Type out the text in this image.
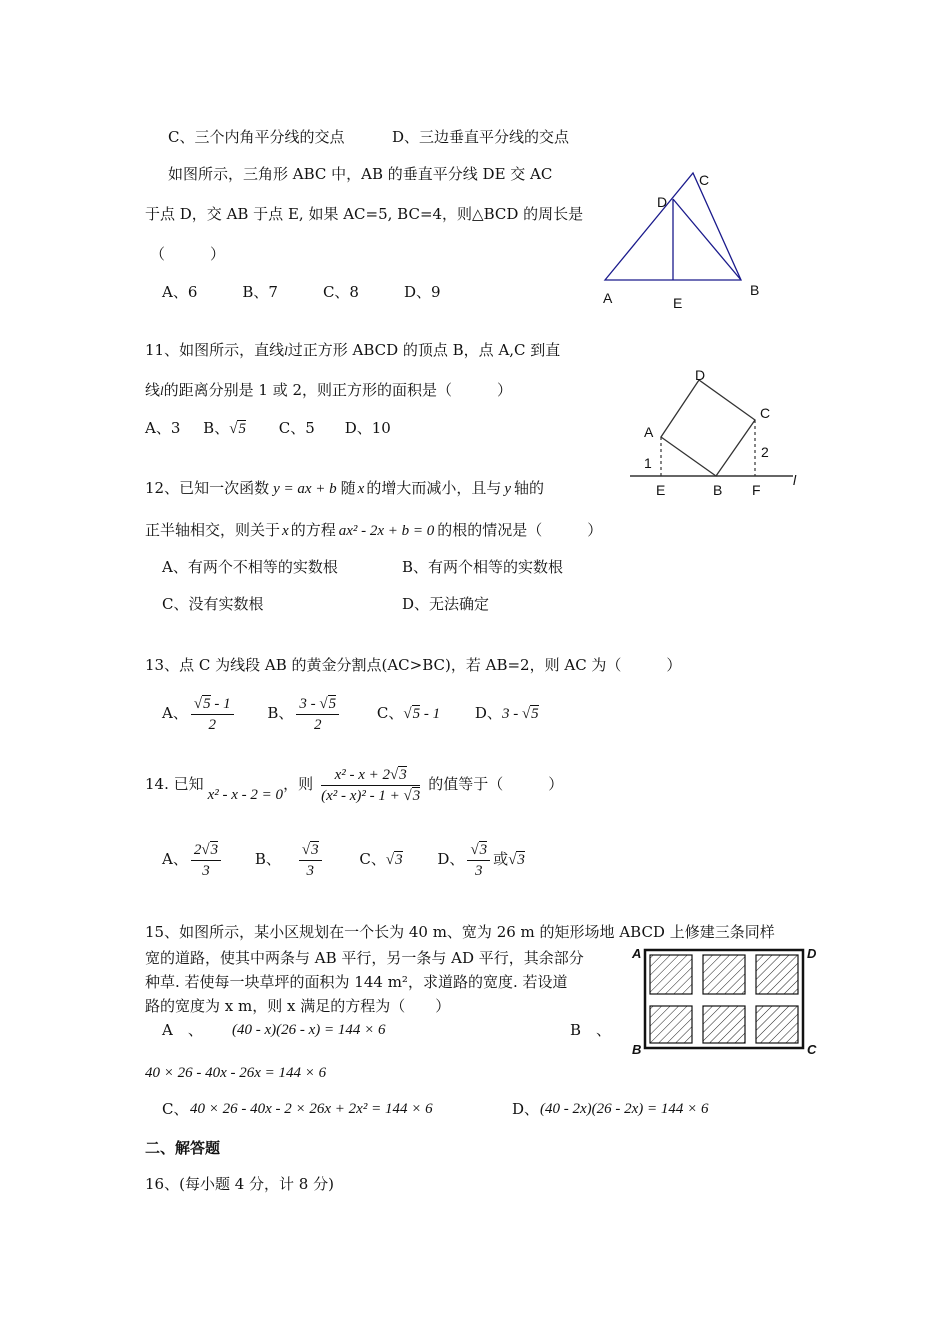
C、三个内角平分线的交点	D、三边垂直平分线的交点
如图所示，三角形 ABC 中，AB 的垂直平分线 DE 交 AC
于点 D，交 AB 于点 E, 如果 AC=5, BC=4，则△BCD 的周长是
（　　　）
A、6　　　B、7　　　C、8　　　D、9	A	B
C
D
E
11、如图所示，直线l过正方形 ABCD 的顶点 B，点 A,C 到直
线l的距离分别是 1 或 2，则正方形的面积是（　　　）
A、3 B、√5 C、5　　D、10	A
B
C
D
E	F
1
2
l
12、已知一次函数 y = ax + b 随 x 的增大而减小，且与 y 轴的
正半轴相交，则关于 x 的方程 ax² - 2x + b = 0 的根的情况是（　　　）
A、有两个不相等的实数根	B、有两个相等的实数根
C、没有实数根	D、无法确定
13、点 C 为线段 AB 的黄金分割点(AC>BC)，若 AB=2，则 AC 为（　　　）
A、 $\frac{√5 - 1}{2}$ B、 $\frac{3 - √5}{2}$	C、√5 - 1 D、3 - √5
14. 已知x² - x - 2 = 0，则 $\frac{\text{x² - x + 2√3}}{\text{(x² - x)² - 1 + √3}}$ 的值等于（　　　）
A、 $\frac{2√3}{3}$ B、 $\frac{√3}{3}$	C、√3 D、 $\frac{√3}{3}$ 或√3
15、如图所示，某小区规划在一个长为 40 m、宽为 26 m 的矩形场地 ABCD 上修建三条同样
宽的道路，使其中两条与 AB 平行，另一条与 AD 平行，其余部分
种草. 若使每一块草坪的面积为 144 m²，求道路的宽度. 若设道
路的宽度为 x m，则 x 满足的方程为（　　）
A　、 (40 - x)(26 - x) = 144 × 6	B　、
40 × 26 - 40x - 26x = 144 × 6
C、 40 × 26 - 40x - 2 × 26x + 2x² = 144 × 6	D、 (40 - 2x)(26 - 2x) = 144 × 6
A
B	C
D
二、解答题
16、(每小题 4 分，计 8 分)
